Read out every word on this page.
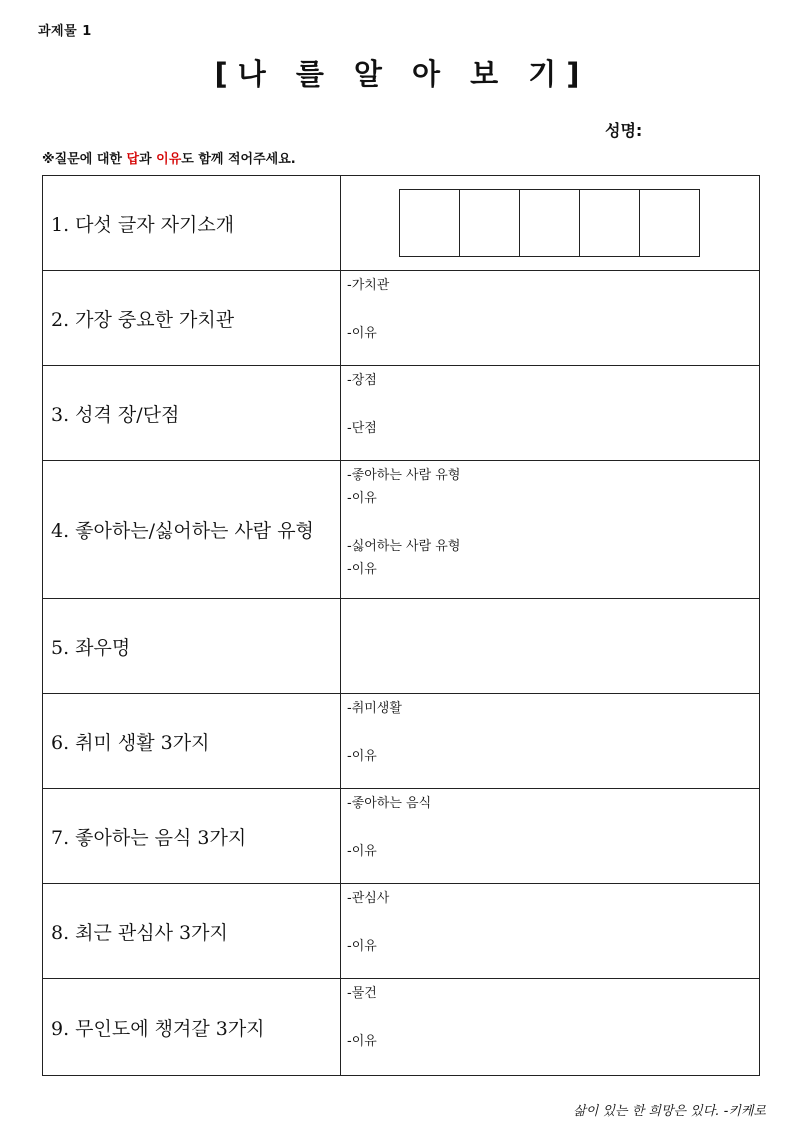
과제물 1
[나 를 알 아 보 기]
성명:
※질문에 대한 답과 이유도 함께 적어주세요.
1. 다섯 글자 자기소개	

2. 가장 중요한 가치관	-가치관
-이유

3. 성격 장/단점	-장점
-단점

4. 좋아하는/싫어하는 사람 유형	-좋아하는 사람 유형
-이유
-싫어하는 사람 유형
-이유

5. 좌우명	
6. 취미 생활 3가지	-취미생활
-이유

7. 좋아하는 음식 3가지	-좋아하는 음식
-이유

8. 최근 관심사 3가지	-관심사
-이유

9. 무인도에 챙겨갈 3가지	-물건
-이유
삶이 있는 한 희망은 있다. -키케로
